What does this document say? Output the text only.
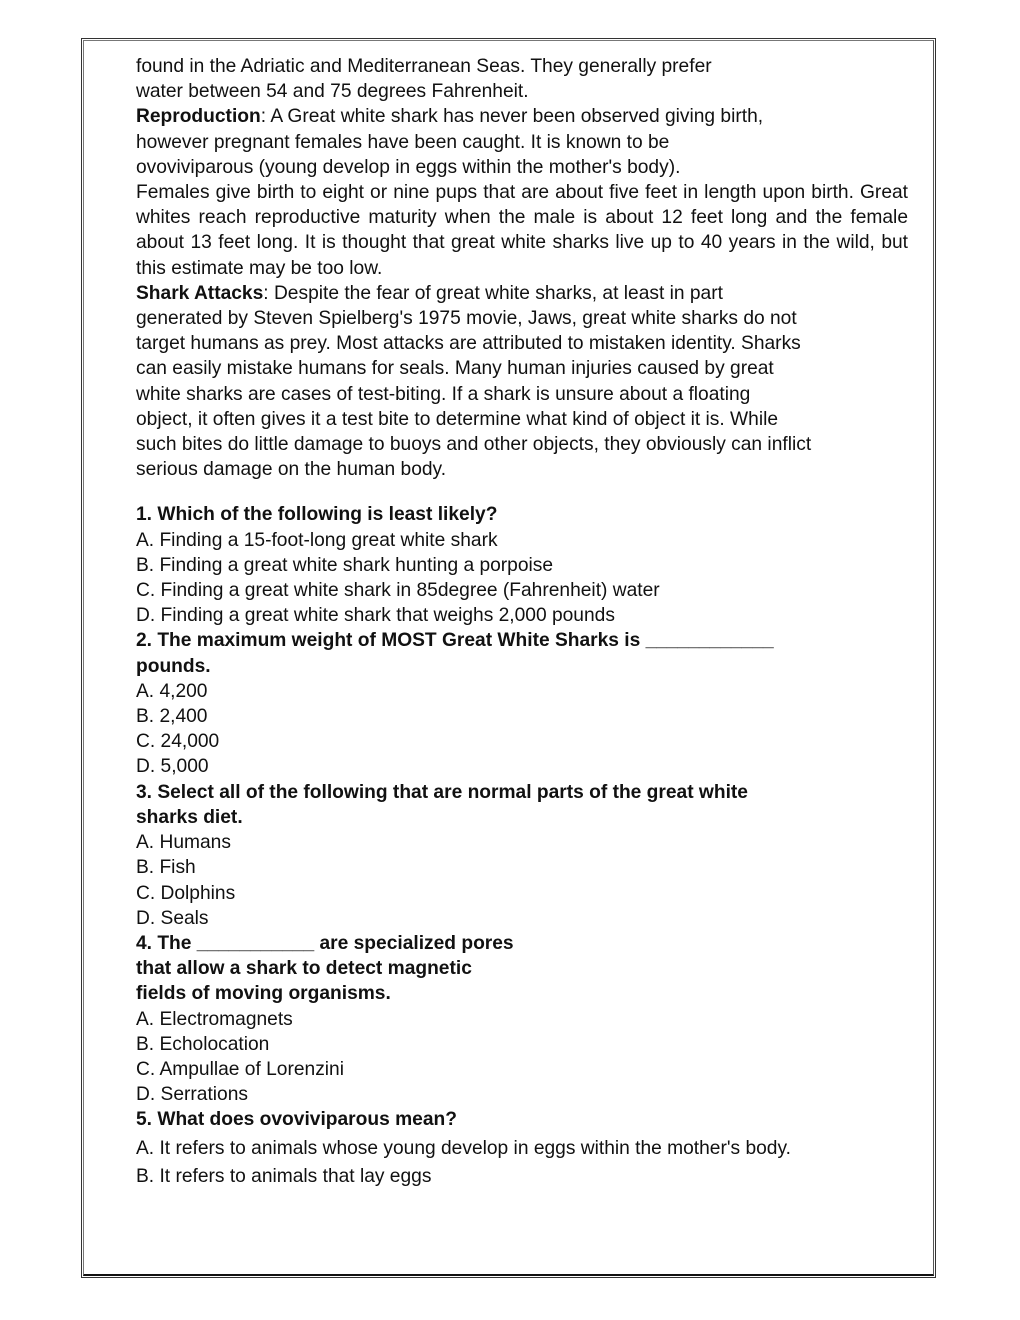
found in the Adriatic and Mediterranean Seas. They generally prefer
water between 54 and 75 degrees Fahrenheit.
Reproduction: A Great white shark has never been observed giving birth,
however pregnant females have been caught. It is known to be
ovoviviparous (young develop in eggs within the mother's body).
Females give birth to eight or nine pups that are about five feet in length upon birth. Great whites reach reproductive maturity when the male is about 12 feet long and the female about 13 feet long. It is thought that great white sharks live up to 40 years in the wild, but this estimate may be too low.
Shark Attacks: Despite the fear of great white sharks, at least in part
generated by Steven Spielberg's 1975 movie, Jaws, great white sharks do not
target humans as prey. Most attacks are attributed to mistaken identity. Sharks
can easily mistake humans for seals. Many human injuries caused by great
white sharks are cases of test-biting. If a shark is unsure about a floating
object, it often gives it a test bite to determine what kind of object it is. While
such bites do little damage to buoys and other objects, they obviously can inflict
serious damage on the human body.
1. Which of the following is least likely?
A. Finding a 15-foot-long great white shark
B. Finding a great white shark hunting a porpoise
C. Finding a great white shark in 85degree (Fahrenheit) water
D. Finding a great white shark that weighs 2,000 pounds
2. The maximum weight of MOST Great White Sharks is ____________
pounds.
A. 4,200
B. 2,400
C. 24,000
D. 5,000
3. Select all of the following that are normal parts of the great white
sharks diet.
A. Humans
B. Fish
C. Dolphins
D. Seals
4. The ___________ are specialized pores
that allow a shark to detect magnetic
fields of moving organisms.
A. Electromagnets
B. Echolocation
C. Ampullae of Lorenzini
D. Serrations
5. What does ovoviviparous mean?
A. It refers to animals whose young develop in eggs within the mother's body.
B. It refers to animals that lay eggs
